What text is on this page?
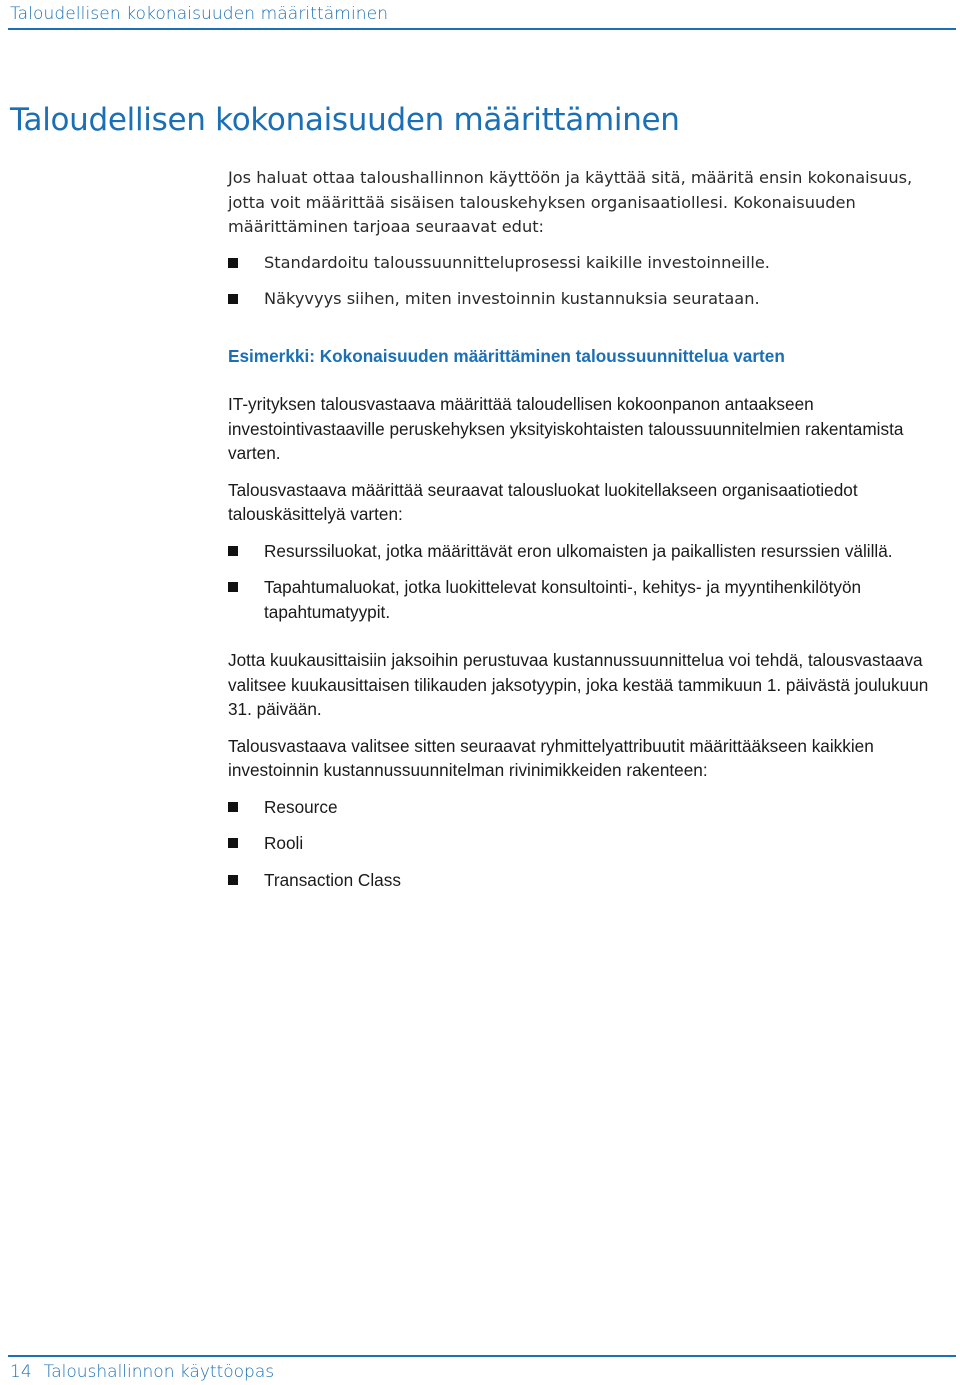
Taloudellisen kokonaisuuden määrittäminen
Taloudellisen kokonaisuuden määrittäminen

Jos haluat ottaa taloushallinnon käyttöön ja käyttää sitä, määritä ensin kokonaisuus, jotta voit määrittää sisäisen talouskehyksen organisaatiollesi. Kokonaisuuden määrittäminen tarjoaa seuraavat edut:

Standardoitu taloussuunnitteluprosessi kaikille investoinneille.
Näkyvyys siihen, miten investoinnin kustannuksia seurataan.
Esimerkki: Kokonaisuuden määrittäminen taloussuunnittelua varten

IT-yrityksen talousvastaava määrittää taloudellisen kokoonpanon antaakseen investointivastaaville peruskehyksen yksityiskohtaisten taloussuunnitelmien rakentamista varten.

Talousvastaava määrittää seuraavat talousluokat luokitellakseen organisaatiotiedot talouskäsittelyä varten:

Resurssiluokat, jotka määrittävät eron ulkomaisten ja paikallisten resurssien välillä.
Tapahtumaluokat, jotka luokittelevat konsultointi-, kehitys- ja myyntihenkilötyön tapahtumatyypit.

Jotta kuukausittaisiin jaksoihin perustuvaa kustannussuunnittelua voi tehdä, talousvastaava valitsee kuukausittaisen tilikauden jaksotyypin, joka kestää tammikuun 1. päivästä joulukuun 31. päivään.

Talousvastaava valitsee sitten seuraavat ryhmittelyattribuutit määrittääkseen kaikkien investoinnin kustannussuunnitelman rivinimikkeiden rakenteen:

Resource
Rooli
Transaction Class
14 Taloushallinnon käyttöopas
